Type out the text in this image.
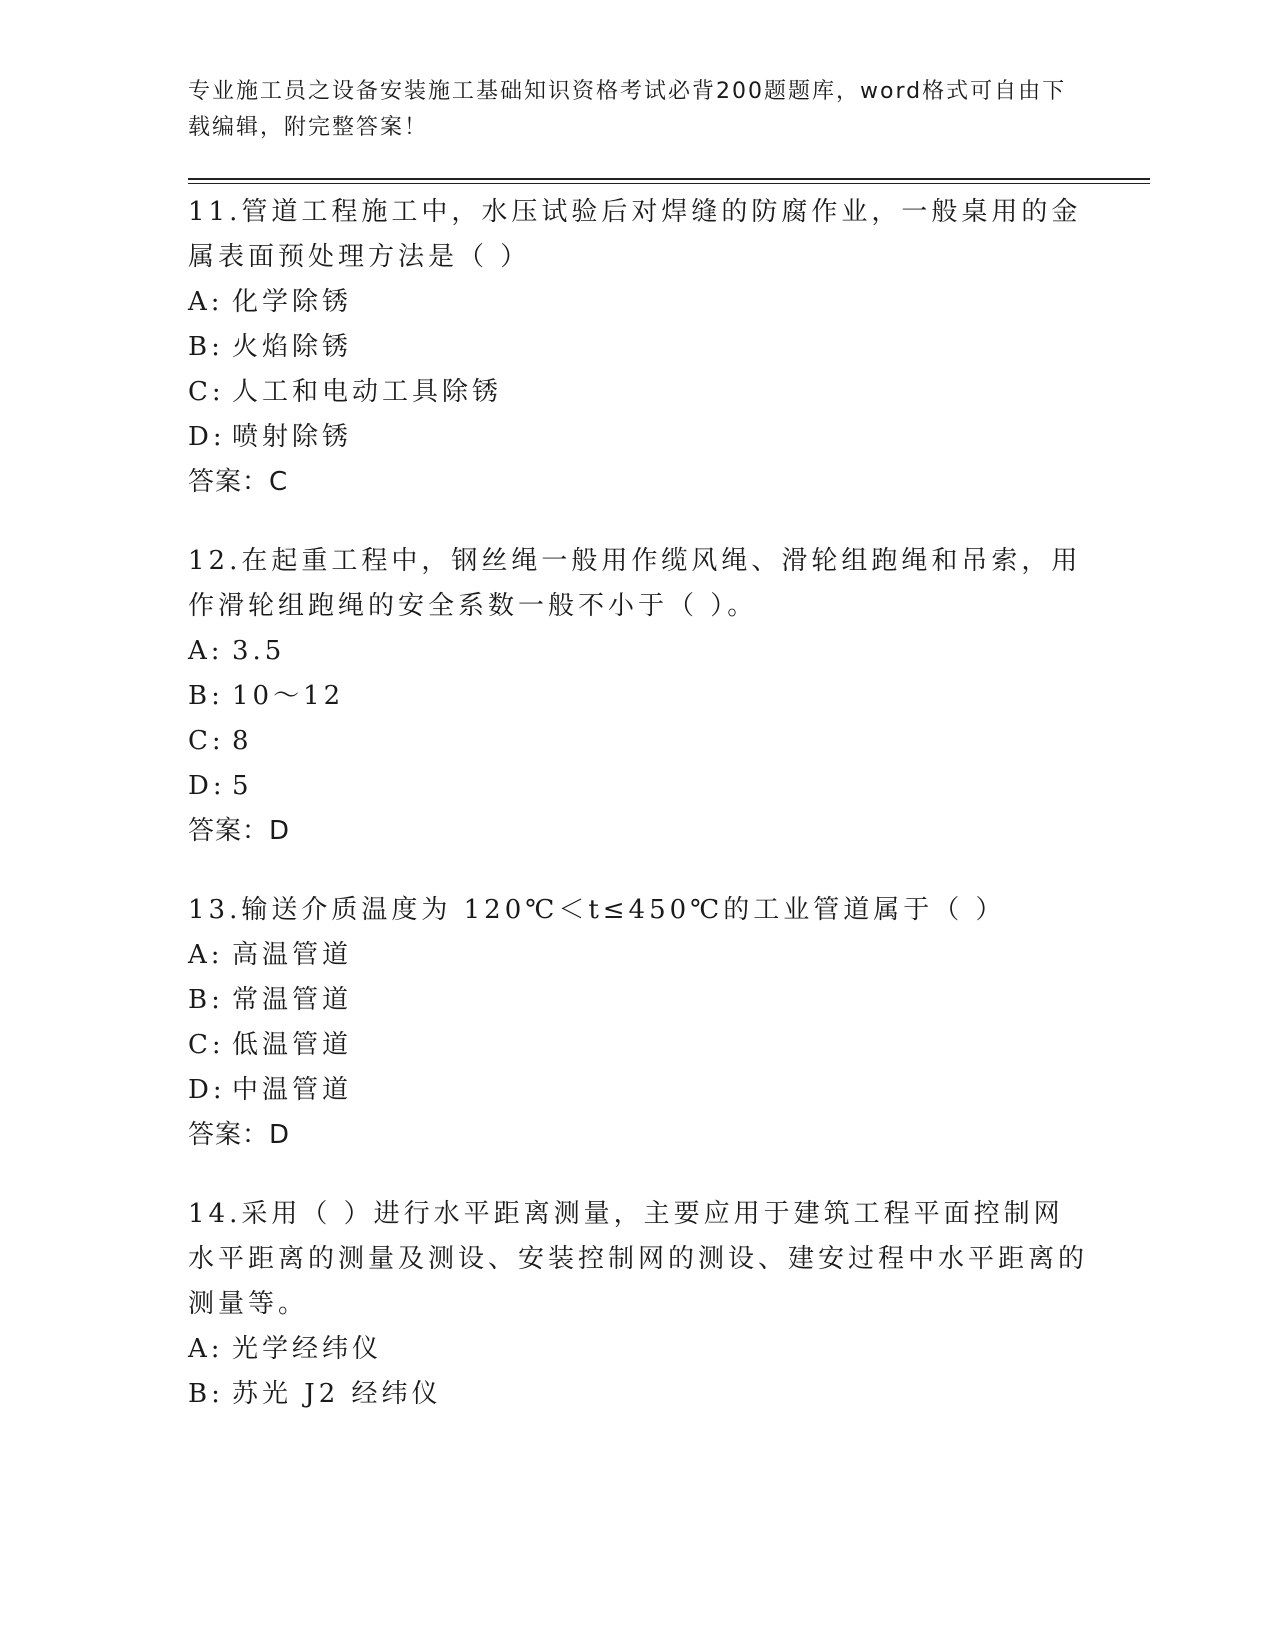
专业施工员之设备安装施工基础知识资格考试必背200题题库，word格式可自由下载编辑，附完整答案！

11.管道工程施工中，水压试验后对焊缝的防腐作业，一般桌用的金属表面预处理方法是（ ）

A: 化学除锈
B: 火焰除锈
C: 人工和电动工具除锈
D: 喷射除锈
答案：C

12.在起重工程中，钢丝绳一般用作缆风绳、滑轮组跑绳和吊索，用作滑轮组跑绳的安全系数一般不小于（ ）。

A: 3.5
B: 10～12
C: 8
D: 5
答案：D

13.输送介质温度为 120℃＜t≤450℃的工业管道属于（ ）

A: 高温管道
B: 常温管道
C: 低温管道
D: 中温管道
答案：D

14.采用（ ）进行水平距离测量，主要应用于建筑工程平面控制网水平距离的测量及测设、安装控制网的测设、建安过程中水平距离的测量等。

A: 光学经纬仪
B: 苏光 J2 经纬仪
